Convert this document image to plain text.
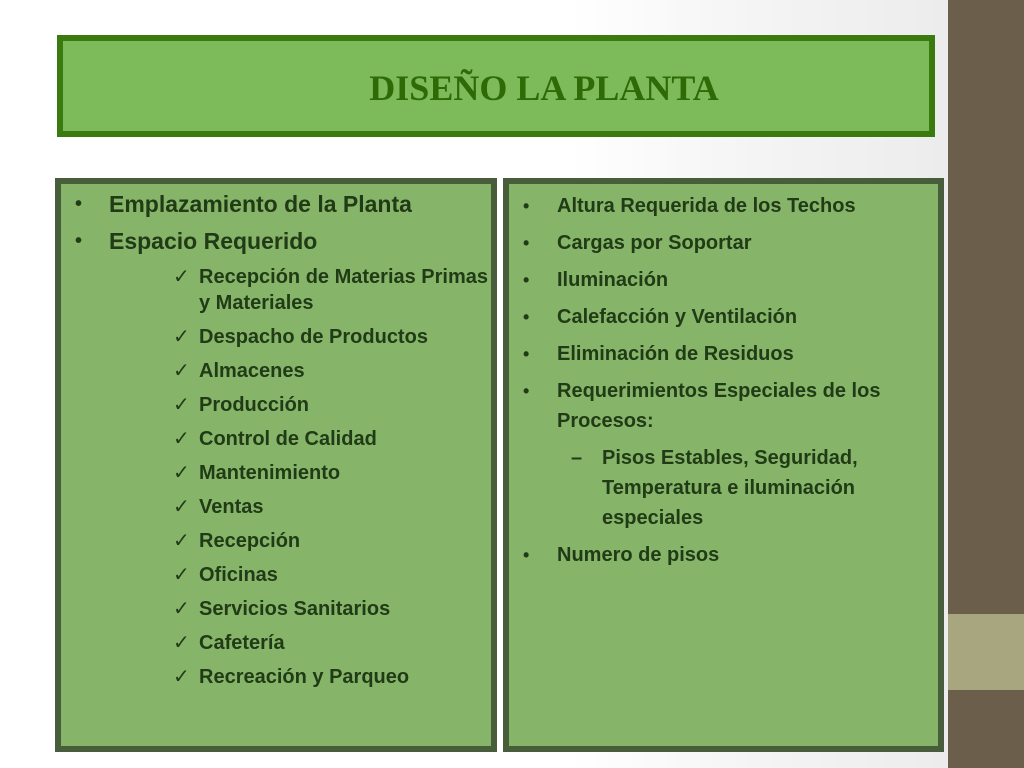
DISEÑO LA PLANTA
• Emplazamiento de la Planta
• Espacio Requerido
✓ Recepción de Materias Primas y Materiales
✓ Despacho de Productos
✓ Almacenes
✓ Producción
✓ Control de Calidad
✓ Mantenimiento
✓ Ventas
✓ Recepción
✓ Oficinas
✓ Servicios Sanitarios
✓ Cafetería
✓ Recreación y Parqueo
• Altura Requerida de los Techos
• Cargas por Soportar
• Iluminación
• Calefacción y Ventilación
• Eliminación de Residuos
• Requerimientos Especiales de los Procesos:
– Pisos Estables, Seguridad, Temperatura e iluminación especiales
• Numero de pisos
